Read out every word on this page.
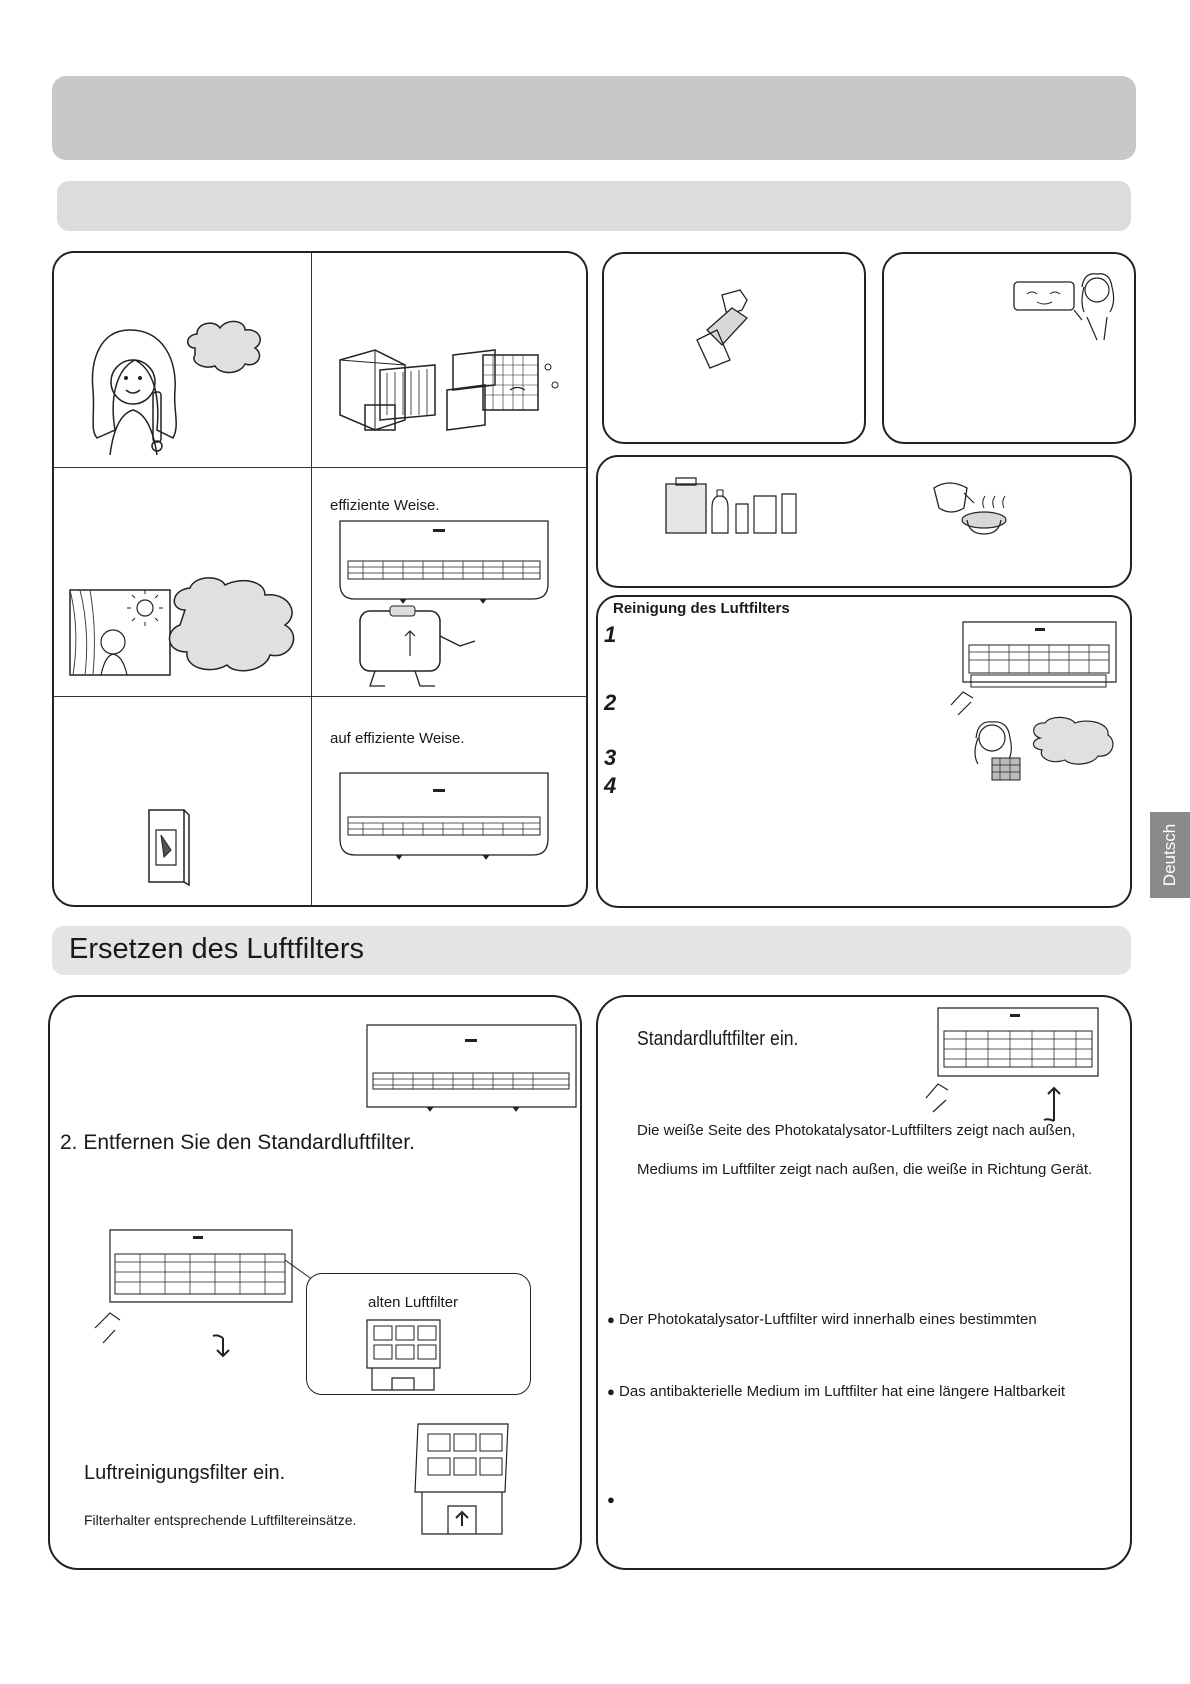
effiziente Weise.
auf effiziente Weise.
Reinigung des Luftfilters
1
2
3
4
Deutsch
Ersetzen des Luftfilters
2. Entfernen Sie den Standardluftfilter.
alten Luftfilter
Luftreinigungsfilter ein.
Filterhalter entsprechende Luftfiltereinsätze.
Standardluftfilter ein.
Die weiße Seite des Photokatalysator-Luftfilters zeigt nach außen,
Mediums im Luftfilter zeigt nach außen, die weiße in Richtung Gerät.
● Der Photokatalysator-Luftfilter wird innerhalb eines bestimmten
● Das antibakterielle Medium im Luftfilter hat eine längere Haltbarkeit
●
